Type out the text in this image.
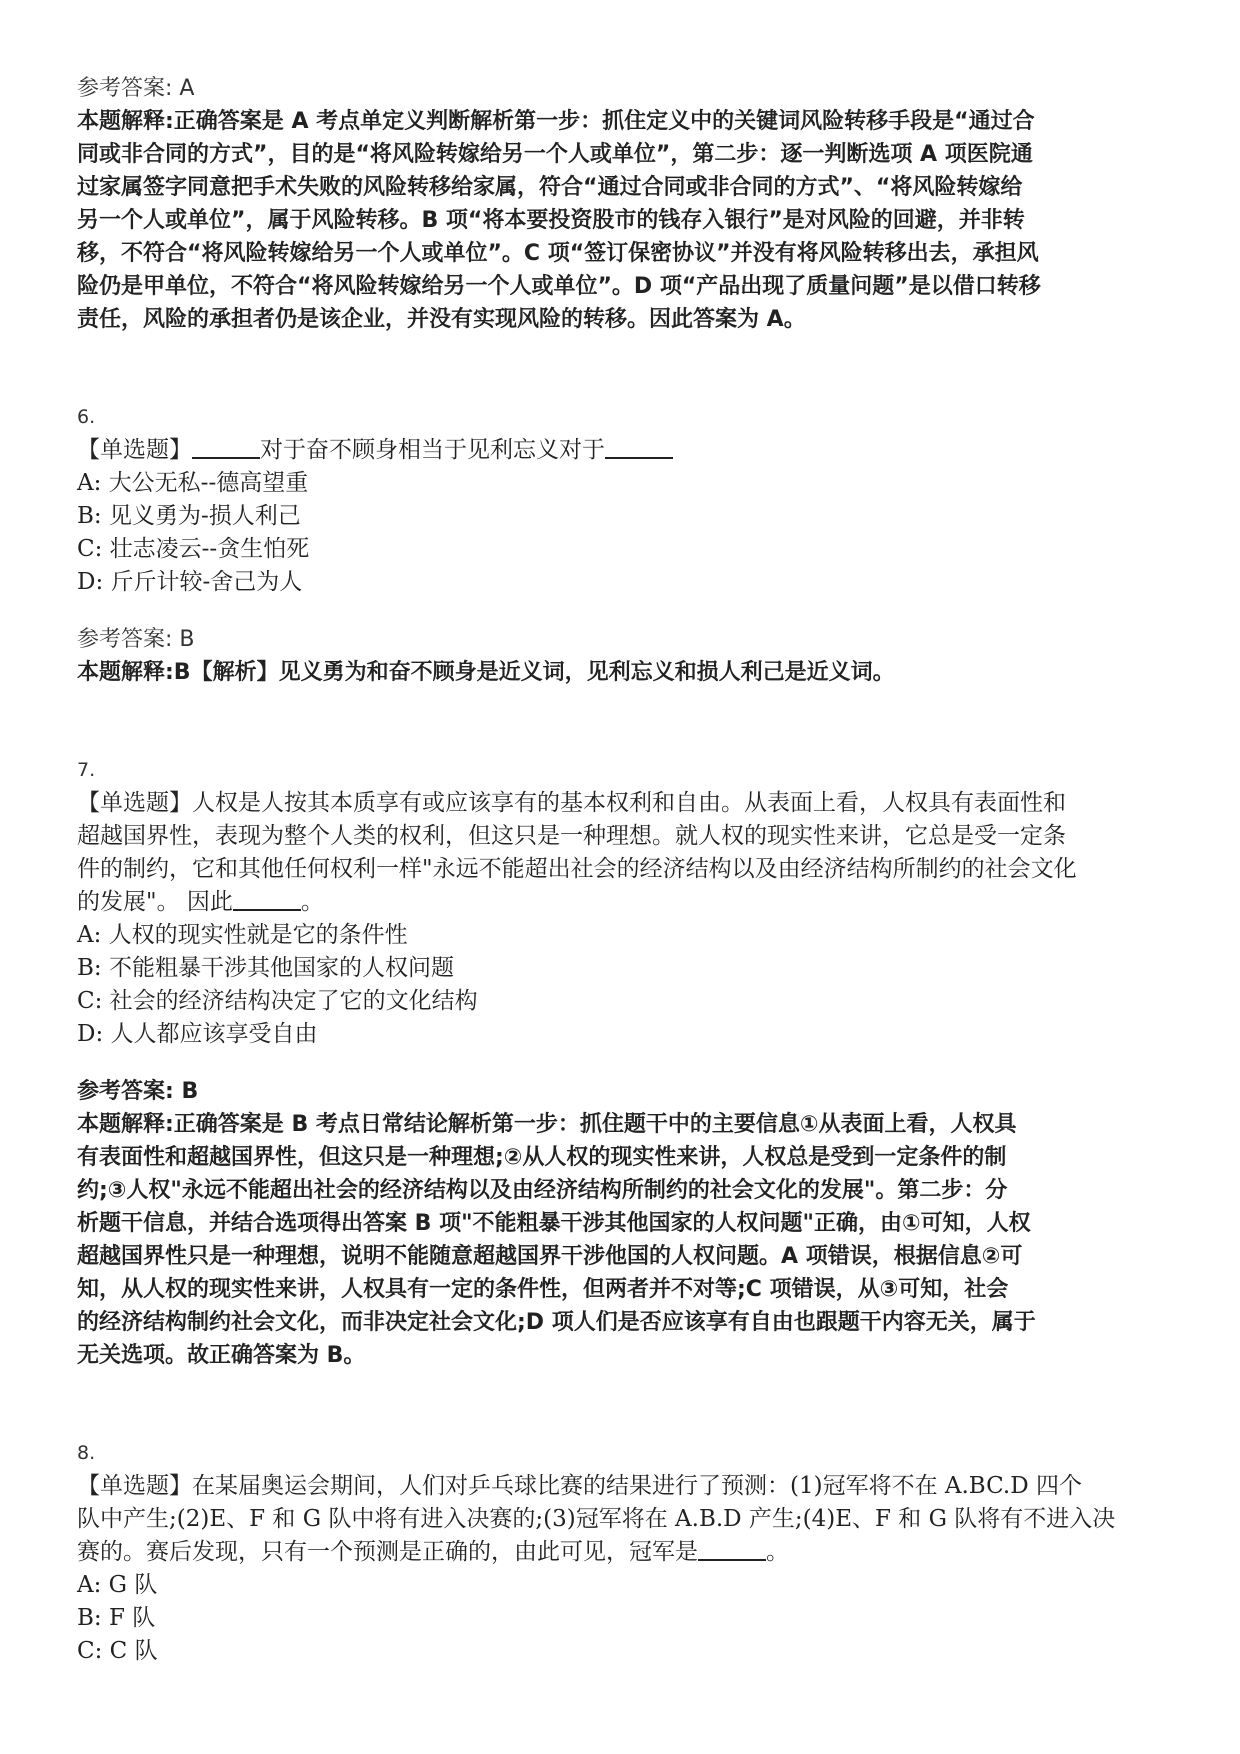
参考答案: A
本题解释:正确答案是 A 考点单定义判断解析第一步：抓住定义中的关键词风险转移手段是“通过合
同或非合同的方式”，目的是“将风险转嫁给另一个人或单位”，第二步：逐一判断选项 A 项医院通
过家属签字同意把手术失败的风险转移给家属，符合“通过合同或非合同的方式”、“将风险转嫁给
另一个人或单位”，属于风险转移。B 项“将本要投资股市的钱存入银行”是对风险的回避，并非转
移，不符合“将风险转嫁给另一个人或单位”。C 项“签订保密协议”并没有将风险转移出去，承担风
险仍是甲单位，不符合“将风险转嫁给另一个人或单位”。D 项“产品出现了质量问题”是以借口转移
责任，风险的承担者仍是该企业，并没有实现风险的转移。因此答案为 A。
6.
【单选题】	对于奋不顾身相当于见利忘义对于
A: 大公无私--德高望重
B: 见义勇为-损人利己
C: 壮志凌云--贪生怕死
D: 斤斤计较-舍己为人
参考答案: B
本题解释:B【解析】见义勇为和奋不顾身是近义词，见利忘义和损人利己是近义词。
7.
【单选题】人权是人按其本质享有或应该享有的基本权利和自由。从表面上看，人权具有表面性和
超越国界性，表现为整个人类的权利，但这只是一种理想。就人权的现实性来讲，它总是受一定条
件的制约，它和其他任何权利一样"永远不能超出社会的经济结构以及由经济结构所制约的社会文化
的发展"。 因此	。
A: 人权的现实性就是它的条件性
B: 不能粗暴干涉其他国家的人权问题
C: 社会的经济结构决定了它的文化结构
D: 人人都应该享受自由
参考答案: B
本题解释:正确答案是 B 考点日常结论解析第一步：抓住题干中的主要信息①从表面上看，人权具
有表面性和超越国界性，但这只是一种理想;②从人权的现实性来讲，人权总是受到一定条件的制
约;③人权"永远不能超出社会的经济结构以及由经济结构所制约的社会文化的发展"。第二步：分
析题干信息，并结合选项得出答案 B 项"不能粗暴干涉其他国家的人权问题"正确，由①可知，人权
超越国界性只是一种理想，说明不能随意超越国界干涉他国的人权问题。A 项错误，根据信息②可
知，从人权的现实性来讲，人权具有一定的条件性，但两者并不对等;C 项错误，从③可知，社会
的经济结构制约社会文化，而非决定社会文化;D 项人们是否应该享有自由也跟题干内容无关，属于
无关选项。故正确答案为 B。
8.
【单选题】在某届奥运会期间，人们对乒乓球比赛的结果进行了预测：(1)冠军将不在 A.BC.D 四个
队中产生;(2)E、F 和 G 队中将有进入决赛的;(3)冠军将在 A.B.D 产生;(4)E、F 和 G 队将有不进入决
赛的。赛后发现，只有一个预测是正确的，由此可见，冠军是	。
A: G 队
B: F 队
C: C 队
